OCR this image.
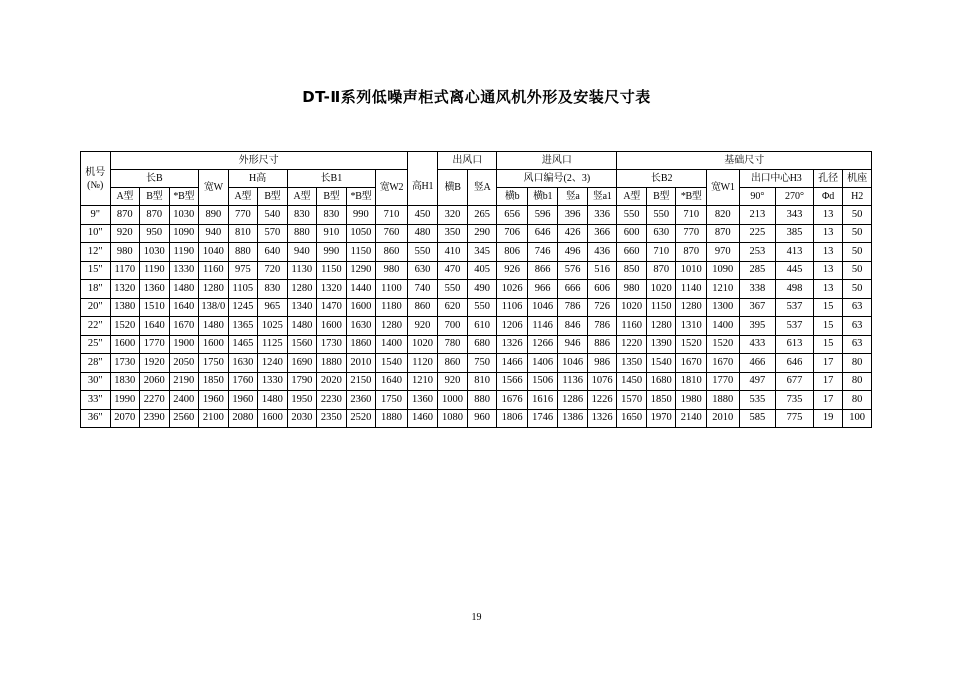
DT-Ⅱ系列低噪声柜式离心通风机外形及安装尺寸表
机号(№)	外形尺寸											出风口		进风口				基础尺寸							
	长B			宽W	H高		长B1			宽W2	高H1	横B	竖A	风口编号(2、3)				长B2			宽W1	出口中心H3		孔径	机座
	A型	B型	*B型		A型	B型	A型	B型	*B型					横b	横b1	竖a	竖a1	A型	B型	*B型		90°	270°	Φd	H2
9"	870	870	1030	890	770	540	830	830	990	710	450	320	265	656	596	396	336	550	550	710	820	213	343	13	50
10"	920	950	1090	940	810	570	880	910	1050	760	480	350	290	706	646	426	366	600	630	770	870	225	385	13	50
12"	980	1030	1190	1040	880	640	940	990	1150	860	550	410	345	806	746	496	436	660	710	870	970	253	413	13	50
15"	1170	1190	1330	1160	975	720	1130	1150	1290	980	630	470	405	926	866	576	516	850	870	1010	1090	285	445	13	50
18"	1320	1360	1480	1280	1105	830	1280	1320	1440	1100	740	550	490	1026	966	666	606	980	1020	1140	1210	338	498	13	50
20"	1380	1510	1640	138/0	1245	965	1340	1470	1600	1180	860	620	550	1106	1046	786	726	1020	1150	1280	1300	367	537	15	63
22"	1520	1640	1670	1480	1365	1025	1480	1600	1630	1280	920	700	610	1206	1146	846	786	1160	1280	1310	1400	395	537	15	63
25"	1600	1770	1900	1600	1465	1125	1560	1730	1860	1400	1020	780	680	1326	1266	946	886	1220	1390	1520	1520	433	613	15	63
28"	1730	1920	2050	1750	1630	1240	1690	1880	2010	1540	1120	860	750	1466	1406	1046	986	1350	1540	1670	1670	466	646	17	80
30"	1830	2060	2190	1850	1760	1330	1790	2020	2150	1640	1210	920	810	1566	1506	1136	1076	1450	1680	1810	1770	497	677	17	80
33"	1990	2270	2400	1960	1960	1480	1950	2230	2360	1750	1360	1000	880	1676	1616	1286	1226	1570	1850	1980	1880	535	735	17	80
36"	2070	2390	2560	2100	2080	1600	2030	2350	2520	1880	1460	1080	960	1806	1746	1386	1326	1650	1970	2140	2010	585	775	19	100
19
